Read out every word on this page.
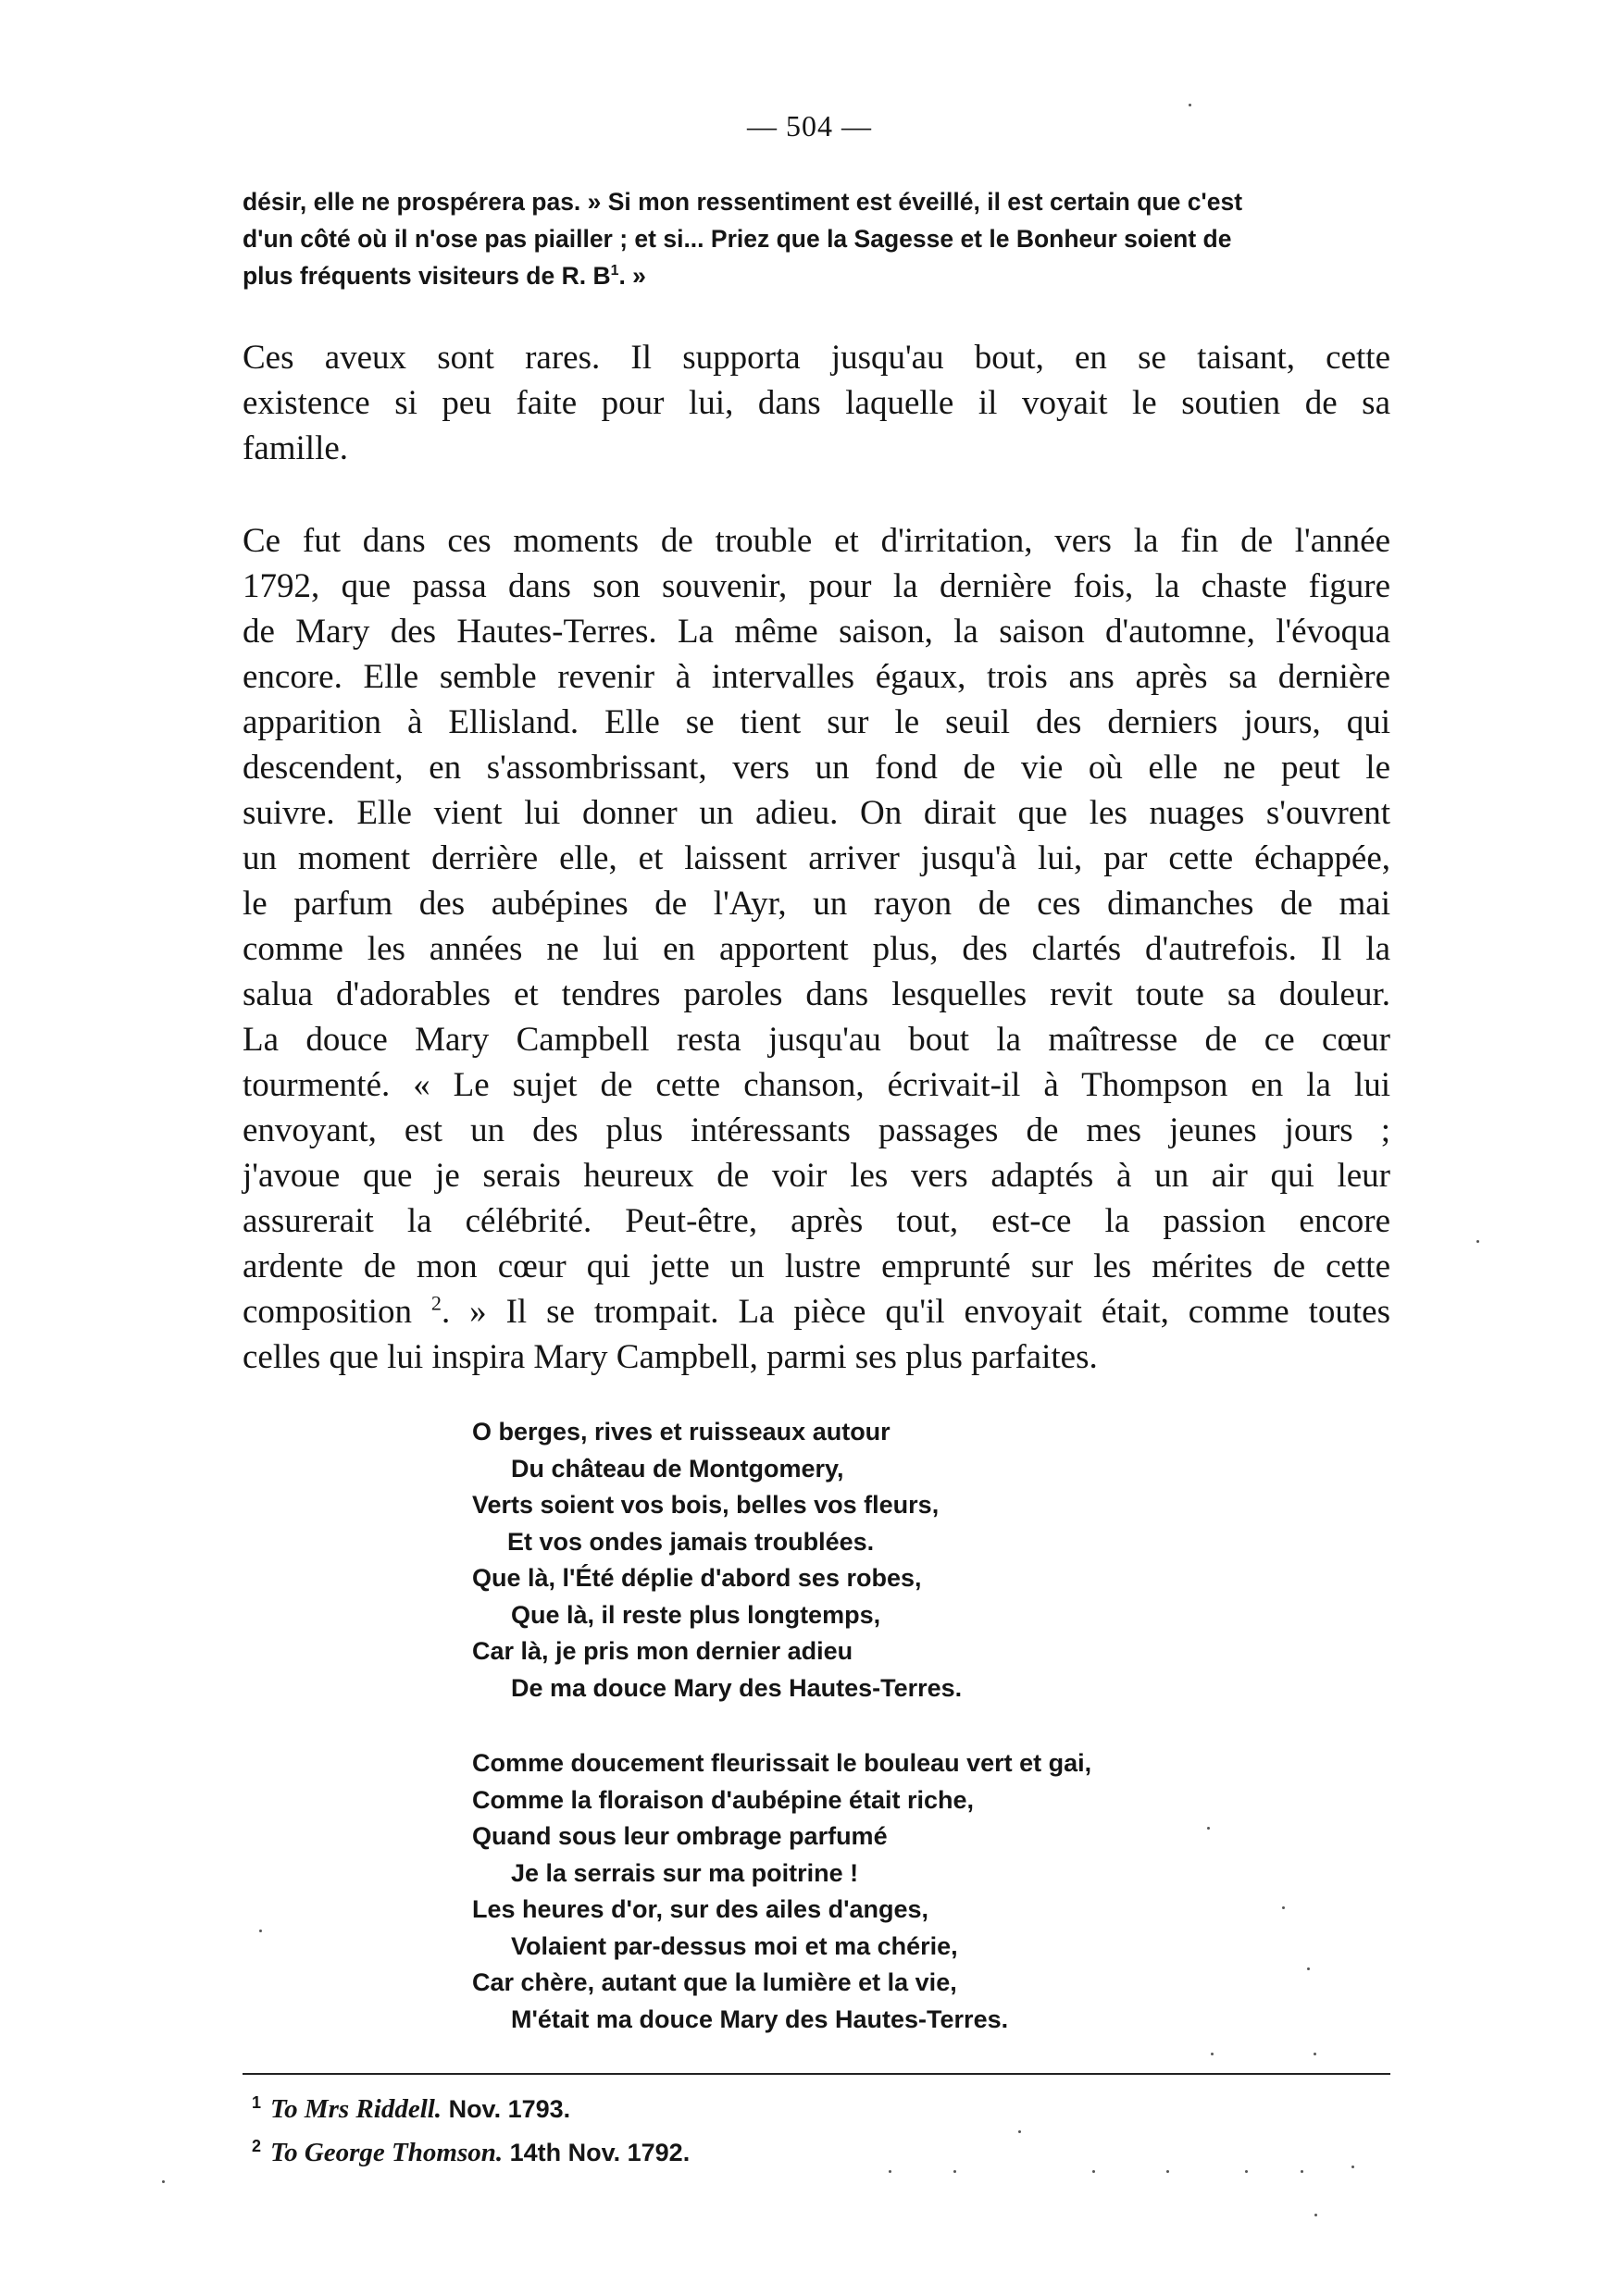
— 504 —
désir, elle ne prospérera pas. » Si mon ressentiment est éveillé, il est certain que c'est
d'un côté où il n'ose pas piailler ; et si... Priez que la Sagesse et le Bonheur soient de
plus fréquents visiteurs de R. B$^1$. »
Ces aveux sont rares. Il supporta jusqu'au bout, en se taisant, cette
existence si peu faite pour lui, dans laquelle il voyait le soutien de sa
famille.
Ce fut dans ces moments de trouble et d'irritation, vers la fin de l'année
1792, que passa dans son souvenir, pour la dernière fois, la chaste figure
de Mary des Hautes-Terres. La même saison, la saison d'automne, l'évoqua
encore. Elle semble revenir à intervalles égaux, trois ans après sa dernière
apparition à Ellisland. Elle se tient sur le seuil des derniers jours, qui
descendent, en s'assombrissant, vers un fond de vie où elle ne peut le
suivre. Elle vient lui donner un adieu. On dirait que les nuages s'ouvrent
un moment derrière elle, et laissent arriver jusqu'à lui, par cette échappée,
le parfum des aubépines de l'Ayr, un rayon de ces dimanches de mai
comme les années ne lui en apportent plus, des clartés d'autrefois. Il la
salua d'adorables et tendres paroles dans lesquelles revit toute sa douleur.
La douce Mary Campbell resta jusqu'au bout la maîtresse de ce cœur
tourmenté. « Le sujet de cette chanson, écrivait-il à Thompson en la lui
envoyant, est un des plus intéressants passages de mes jeunes jours ;
j'avoue que je serais heureux de voir les vers adaptés à un air qui leur
assurerait la célébrité. Peut-être, après tout, est-ce la passion encore
ardente de mon cœur qui jette un lustre emprunté sur les mérites de cette
composition $^2$. » Il se trompait. La pièce qu'il envoyait était, comme toutes
celles que lui inspira Mary Campbell, parmi ses plus parfaites.
O berges, rives et ruisseaux autour
Du château de Montgomery,
Verts soient vos bois, belles vos fleurs,
Et vos ondes jamais troublées.
Que là, l'Été déplie d'abord ses robes,
Que là, il reste plus longtemps,
Car là, je pris mon dernier adieu
De ma douce Mary des Hautes-Terres.
Comme doucement fleurissait le bouleau vert et gai,
Comme la floraison d'aubépine était riche,
Quand sous leur ombrage parfumé
Je la serrais sur ma poitrine !
Les heures d'or, sur des ailes d'anges,
Volaient par-dessus moi et ma chérie,
Car chère, autant que la lumière et la vie,
M'était ma douce Mary des Hautes-Terres.
$^1$ To Mrs Riddell. Nov. 1793.
$^2$ To George Thomson. 14th Nov. 1792.
